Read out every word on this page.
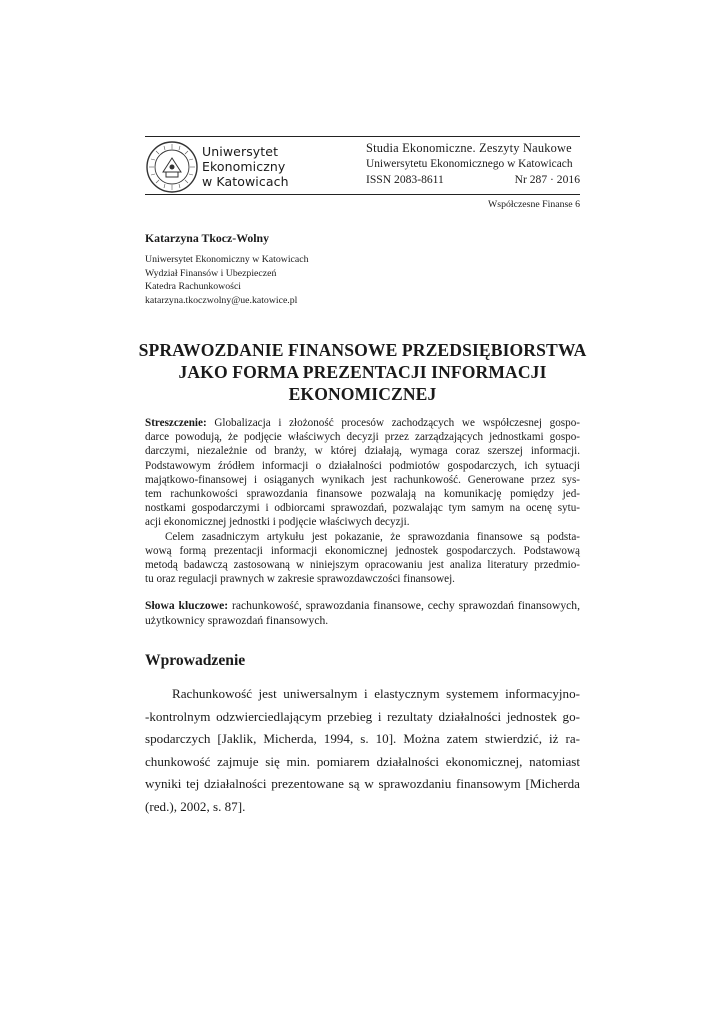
Uniwersytet
Ekonomiczny
w Katowicach
Studia Ekonomiczne. Zeszyty Naukowe
Uniwersytetu Ekonomicznego w Katowicach
ISSN 2083-8611	Nr 287 · 2016
Współczesne Finanse 6
Katarzyna Tkocz-Wolny
Uniwersytet Ekonomiczny w Katowicach
Wydział Finansów i Ubezpieczeń
Katedra Rachunkowości
katarzyna.tkoczwolny@ue.katowice.pl
SPRAWOZDANIE FINANSOWE PRZEDSIĘBIORSTWA
JAKO FORMA PREZENTACJI INFORMACJI
EKONOMICZNEJ
Streszczenie: Globalizacja i złożoność procesów zachodzących we współczesnej gospo-
darce powodują, że podjęcie właściwych decyzji przez zarządzających jednostkami gospo-
darczymi, niezależnie od branży, w której działają, wymaga coraz szerszej informacji.
Podstawowym źródłem informacji o działalności podmiotów gospodarczych, ich sytuacji
majątkowo-finansowej i osiąganych wynikach jest rachunkowość. Generowane przez sys-
tem rachunkowości sprawozdania finansowe pozwalają na komunikację pomiędzy jed-
nostkami gospodarczymi i odbiorcami sprawozdań, pozwalając tym samym na ocenę sytu-
acji ekonomicznej jednostki i podjęcie właściwych decyzji.
Celem zasadniczym artykułu jest pokazanie, że sprawozdania finansowe są podsta-
wową formą prezentacji informacji ekonomicznej jednostek gospodarczych. Podstawową
metodą badawczą zastosowaną w niniejszym opracowaniu jest analiza literatury przedmio-
tu oraz regulacji prawnych w zakresie sprawozdawczości finansowej.
Słowa kluczowe: rachunkowość, sprawozdania finansowe, cechy sprawozdań finansowych,
użytkownicy sprawozdań finansowych.
Wprowadzenie
Rachunkowość jest uniwersalnym i elastycznym systemem informacyjno-
-kontrolnym odzwierciedlającym przebieg i rezultaty działalności jednostek go-
spodarczych [Jaklik, Micherda, 1994, s. 10]. Można zatem stwierdzić, iż ra-
chunkowość zajmuje się min. pomiarem działalności ekonomicznej, natomiast
wyniki tej działalności prezentowane są w sprawozdaniu finansowym [Micherda
(red.), 2002, s. 87].
